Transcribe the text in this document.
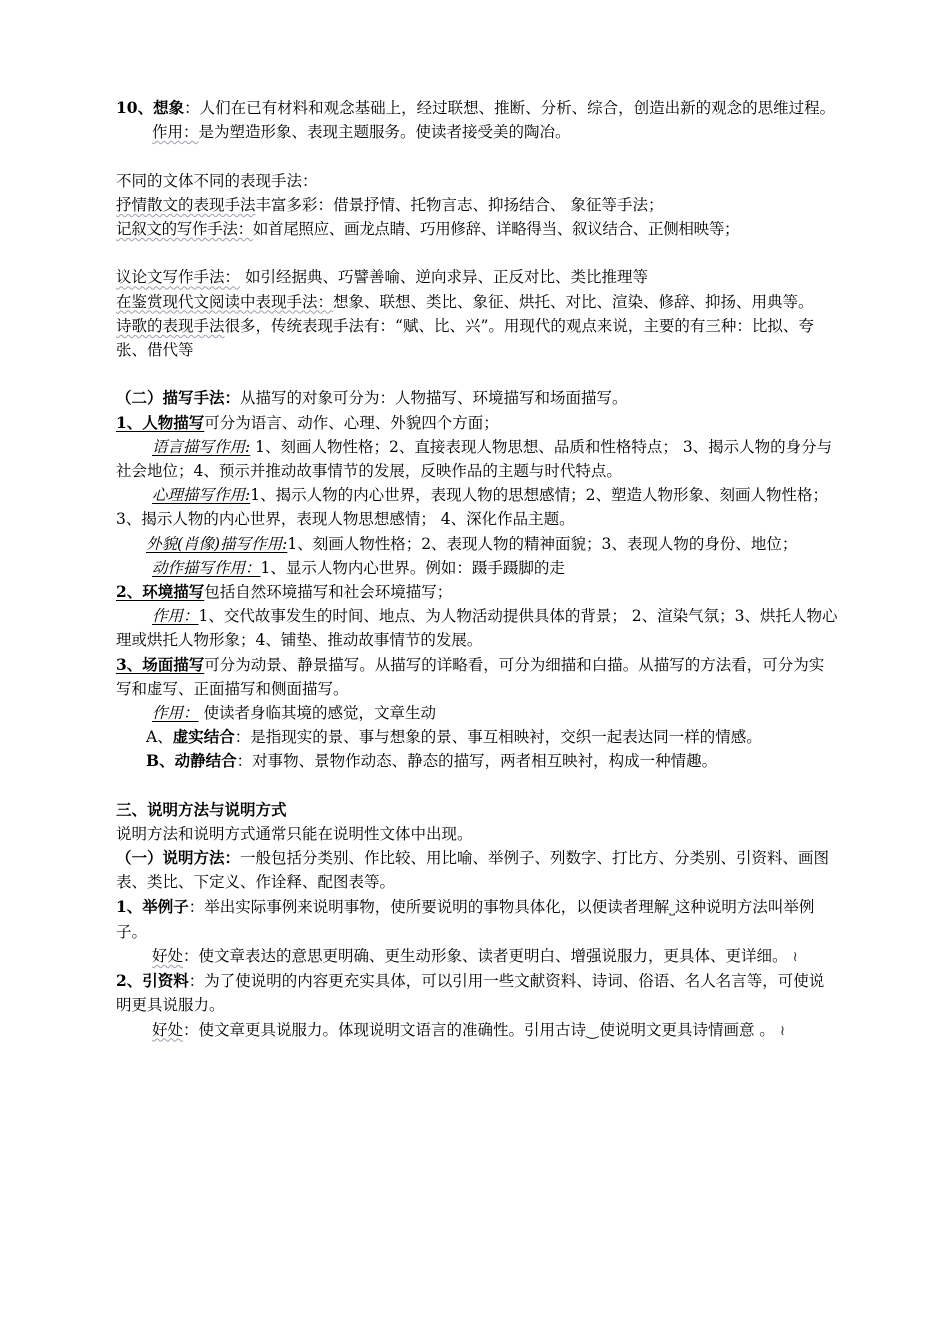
10、想象：人们在已有材料和观念基础上，经过联想、推断、分析、综合，创造出新的观念的思维过程。

作用：是为塑造形象、表现主题服务。使读者接受美的陶冶。

不同的文体不同的表现手法：

抒情散文的表现手法丰富多彩：借景抒情、托物言志、抑扬结合、 象征等手法；

记叙文的写作手法：如首尾照应、画龙点睛、巧用修辞、详略得当、叙议结合、正侧相映等；

议论文写作手法： 如引经据典、巧譬善喻、逆向求异、正反对比、类比推理等

在鉴赏现代文阅读中表现手法：想象、联想、类比、象征、烘托、对比、渲染、修辞、抑扬、用典等。

诗歌的表现手法很多，传统表现手法有：“赋、比、兴”。用现代的观点来说，主要的有三种：比拟、夸张、借代等

（二）描写手法：从描写的对象可分为：人物描写、环境描写和场面描写。

1、人物描写可分为语言、动作、心理、外貌四个方面；

语言描写作用: 1、刻画人物性格；2、直接表现人物思想、品质和性格特点； 3、揭示人物的身分与社会地位；4、预示并推动故事情节的发展，反映作品的主题与时代特点。

心理描写作用:1、揭示人物的内心世界，表现人物的思想感情；2、塑造人物形象、刻画人物性格； 3、揭示人物的内心世界，表现人物思想感情； 4、深化作品主题。

外貌(肖像)描写作用:1、刻画人物性格；2、表现人物的精神面貌；3、表现人物的身份、地位；

动作描写作用：1、显示人物内心世界。例如：蹑手蹑脚的走

2、环境描写包括自然环境描写和社会环境描写；

作用：1、交代故事发生的时间、地点、为人物活动提供具体的背景； 2、渲染气氛；3、烘托人物心理或烘托人物形象；4、铺垫、推动故事情节的发展。

3、场面描写可分为动景、静景描写。从描写的详略看，可分为细描和白描。从描写的方法看，可分为实写和虚写、正面描写和侧面描写。

作用： 使读者身临其境的感觉，文章生动

A、虚实结合：是指现实的景、事与想象的景、事互相映衬，交织一起表达同一样的情感。

B、动静结合：对事物、景物作动态、静态的描写，两者相互映衬，构成一种情趣。

三、说明方法与说明方式

说明方法和说明方式通常只能在说明性文体中出现。

（一）说明方法：一般包括分类别、作比较、用比喻、举例子、列数字、打比方、分类别、引资料、画图表、类比、下定义、作诠释、配图表等。

1、举例子：举出实际事例来说明事物，使所要说明的事物具体化，以便读者理解⎵这种说明方法叫举例子。

好处：使文章表达的意思更明确、更生动形象、读者更明白、增强说服力，更具体、更详细。 ≀

2、引资料：为了使说明的内容更充实具体，可以引用一些文献资料、诗词、俗语、名人名言等，可使说明更具说服力。

好处：使文章更具说服力。体现说明文语言的准确性。引用古诗⏝使说明文更具诗情画意 。 ≀
